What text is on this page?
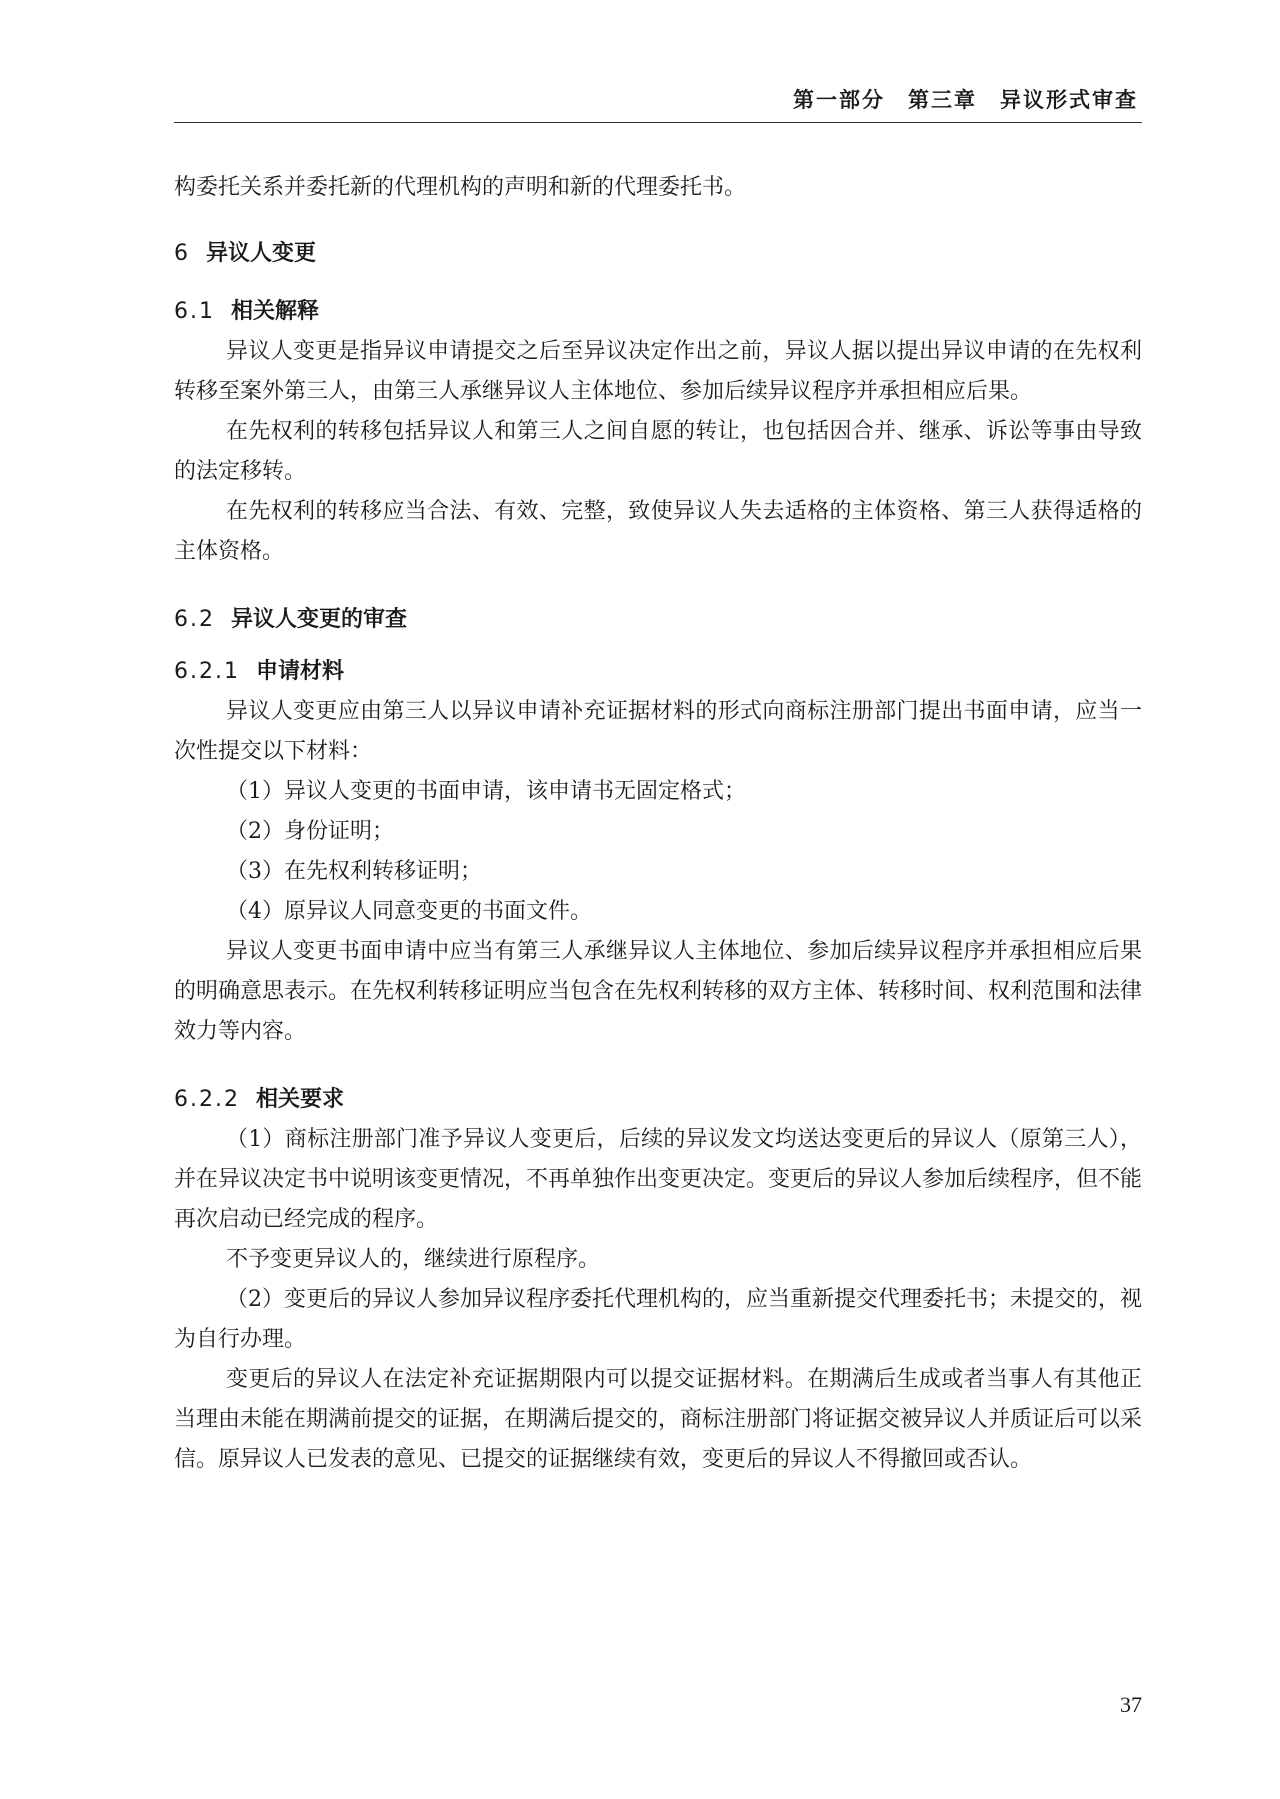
第一部分　第三章　异议形式审查

构委托关系并委托新的代理机构的声明和新的代理委托书。

6 异议人变更
6.1 相关解释

异议人变更是指异议申请提交之后至异议决定作出之前，异议人据以提出异议申请的在先权利转移至案外第三人，由第三人承继异议人主体地位、参加后续异议程序并承担相应后果。

在先权利的转移包括异议人和第三人之间自愿的转让，也包括因合并、继承、诉讼等事由导致的法定移转。

在先权利的转移应当合法、有效、完整，致使异议人失去适格的主体资格、第三人获得适格的主体资格。

6.2 异议人变更的审查
6.2.1 申请材料

异议人变更应由第三人以异议申请补充证据材料的形式向商标注册部门提出书面申请，应当一次性提交以下材料：

（1）异议人变更的书面申请，该申请书无固定格式；

（2）身份证明；

（3）在先权利转移证明；

（4）原异议人同意变更的书面文件。

异议人变更书面申请中应当有第三人承继异议人主体地位、参加后续异议程序并承担相应后果的明确意思表示。在先权利转移证明应当包含在先权利转移的双方主体、转移时间、权利范围和法律效力等内容。

6.2.2 相关要求

（1）商标注册部门准予异议人变更后，后续的异议发文均送达变更后的异议人（原第三人），并在异议决定书中说明该变更情况，不再单独作出变更决定。变更后的异议人参加后续程序，但不能再次启动已经完成的程序。

不予变更异议人的，继续进行原程序。

（2）变更后的异议人参加异议程序委托代理机构的，应当重新提交代理委托书；未提交的，视为自行办理。

变更后的异议人在法定补充证据期限内可以提交证据材料。在期满后生成或者当事人有其他正当理由未能在期满前提交的证据，在期满后提交的，商标注册部门将证据交被异议人并质证后可以采信。原异议人已发表的意见、已提交的证据继续有效，变更后的异议人不得撤回或否认。

37
